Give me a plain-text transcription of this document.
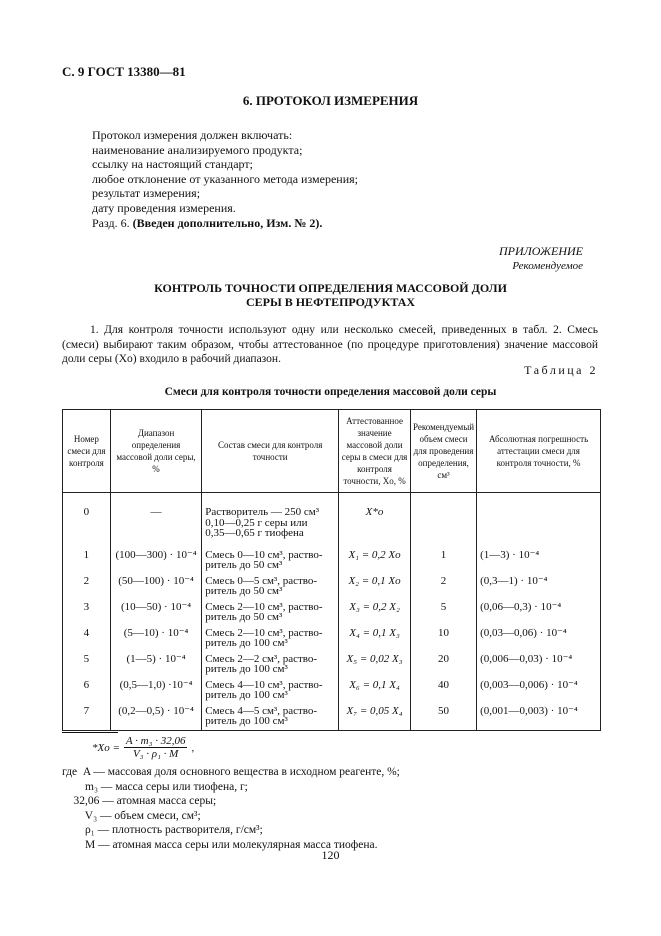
С. 9 ГОСТ 13380—81
6. ПРОТОКОЛ ИЗМЕРЕНИЯ
Протокол измерения должен включать:
наименование анализируемого продукта;
ссылку на настоящий стандарт;
любое отклонение от указанного метода измерения;
результат измерения;
дату проведения измерения.
Разд. 6. (Введен дополнительно, Изм. № 2).
ПРИЛОЖЕНИЕ
Рекомендуемое
КОНТРОЛЬ ТОЧНОСТИ ОПРЕДЕЛЕНИЯ МАССОВОЙ ДОЛИ
СЕРЫ В НЕФТЕПРОДУКТАХ
1. Для контроля точности используют одну или несколько смесей, приведенных в табл. 2. Смесь (смеси) выбирают таким образом, чтобы аттестованное (по процедуре приготовления) значение массовой доли серы (Xo) входило в рабочий диапазон.
Таблица 2
Смеси для контроля точности определения массовой доли серы
Номер смеси для контроля	Диапазон определения массовой доли серы, %	Состав смеси для контроля точности	Аттестованное значение массовой доли серы в смеси для контроля точности, Xo, %	Рекомендуемый объем смеси для проведения определения, см³	Абсолютная погрешность аттестации смеси для контроля точности, %
0	—	Растворитель — 250 см³
0,10—0,25 г серы или
0,35—0,65 г тиофена	X*o		
1	(100—300) · 10⁻⁴	Смесь 0—10 см³, раство-
ритель до 50 см³	X₁ = 0,2 Xo	1	(1—3) · 10⁻⁴
2	(50—100) · 10⁻⁴	Смесь 0—5 см³, раство-
ритель до 50 см³	X₂ = 0,1 Xo	2	(0,3—1) · 10⁻⁴
3	(10—50) · 10⁻⁴	Смесь 2—10 см³, раство-
ритель до 50 см³	X₃ = 0,2 X₂	5	(0,06—0,3) · 10⁻⁴
4	(5—10) · 10⁻⁴	Смесь 2—10 см³, раство-
ритель до 100 см³	X₄ = 0,1 X₃	10	(0,03—0,06) · 10⁻⁴
5	(1—5) · 10⁻⁴	Смесь 2—2 см³, раство-
ритель до 100 см³	X₅ = 0,02 X₃	20	(0,006—0,03) · 10⁻⁴
6	(0,5—1,0) ·10⁻⁴	Смесь 4—10 см³, раство-
ритель до 100 см³	X₆ = 0,1 X₄	40	(0,003—0,006) · 10⁻⁴
7	(0,2—0,5) · 10⁻⁴	Смесь 4—5 см³, раство-
ритель до 100 см³	X₇ = 0,05 X₄	50	(0,001—0,003) · 10⁻⁴
$*Xo = \frac{\text{A · m₃ · 32,06}}{\text{V₃ · ρ₁ · M}}$ ,
где  A — массовая доля основного вещества в исходном реагенте, %;
m₃ — масса серы или тиофена, г;
32,06 — атомная масса серы;
V₃ — объем смеси, см³;
ρ₁ — плотность растворителя, г/см³;
M — атомная масса серы или молекулярная масса тиофена.
120
